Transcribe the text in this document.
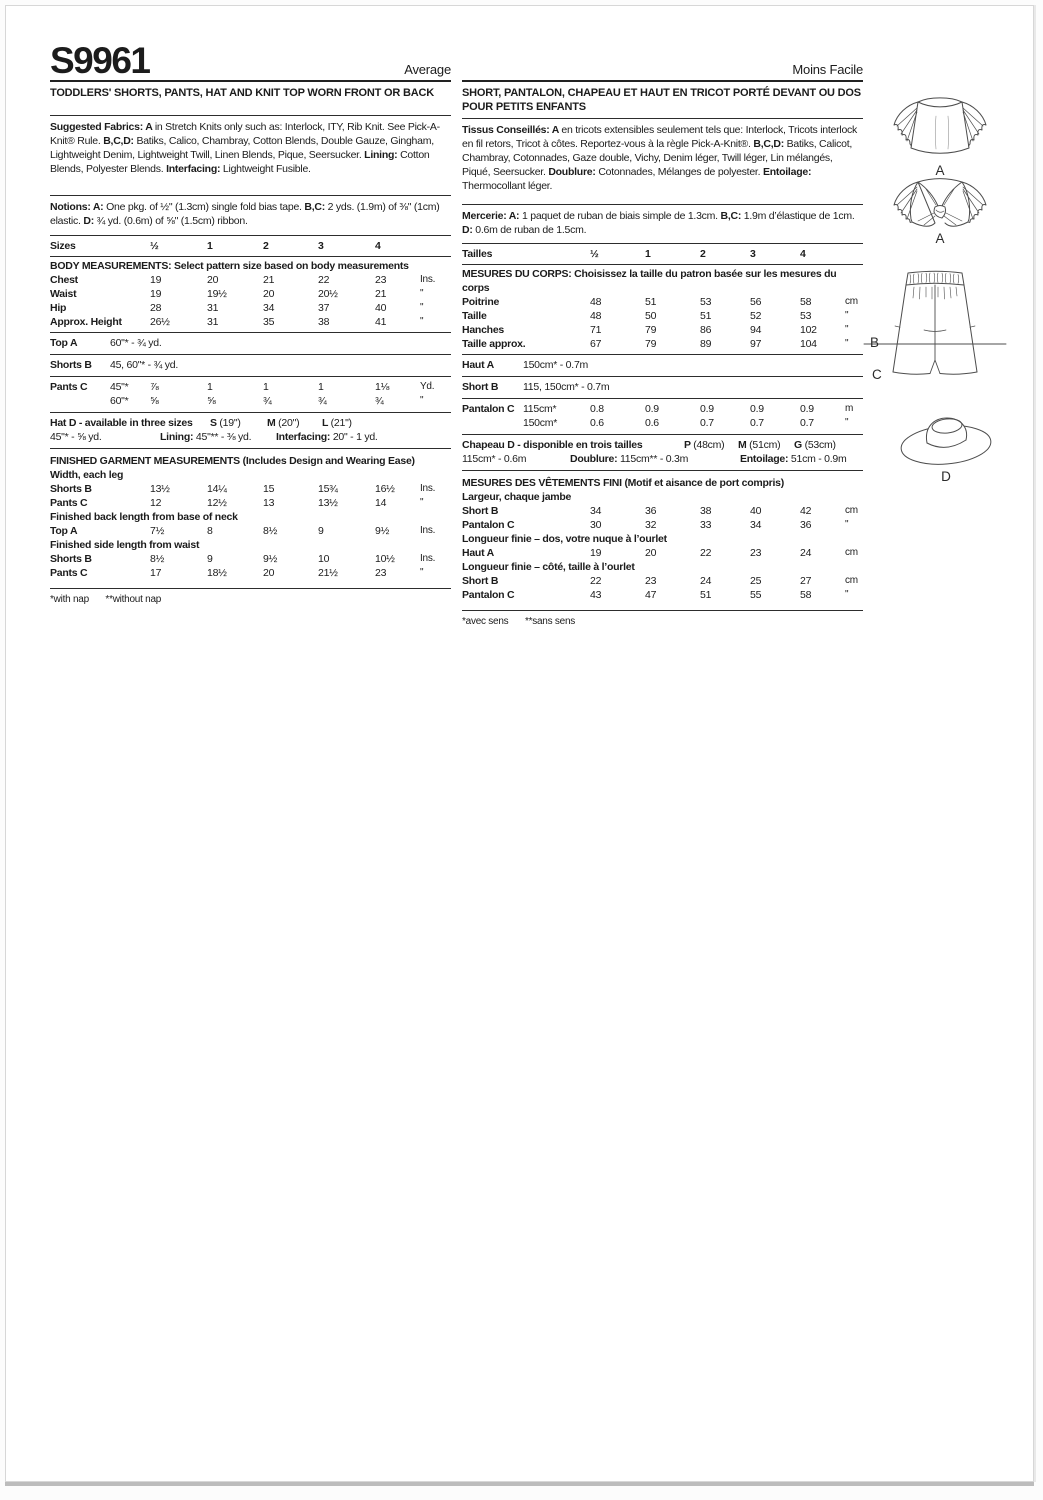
S9961	Average
TODDLERS' SHORTS, PANTS, HAT AND KNIT TOP WORN FRONT OR BACK
Suggested Fabrics: A in Stretch Knits only such as: Interlock, ITY, Rib Knit. See Pick-A-Knit® Rule. B,C,D: Batiks, Calico, Chambray, Cotton Blends, Double Gauze, Gingham, Lightweight Denim, Lightweight Twill, Linen Blends, Pique, Seersucker. Lining: Cotton Blends, Polyester Blends. Interfacing: Lightweight Fusible.
Notions: A: One pkg. of ½" (1.3cm) single fold bias tape. B,C: 2 yds. (1.9m) of ⅜" (1cm) elastic. D: ¾ yd. (0.6m) of ⅝" (1.5cm) ribbon.
Sizes	½	1	2	3	4
BODY MEASUREMENTS: Select pattern size based on body measurements
Chest	19	20	21	22	23	Ins.
Waist	19	19½	20	20½	21	"
Hip	28	31	34	37	40	"
Approx. Height	26½	31	35	38	41	"
Top A	60"* - ¾ yd.
Shorts B	45, 60"* - ¾ yd.
Pants C	45"*	⅞	1	1	1	1⅛	Yd.
60"*	⅝	⅝	¾	¾	¾	"
Hat D - available in three sizes	S (19")	M (20")	L (21")
45"* - ⅝ yd.	Lining: 45"** - ⅜ yd.	Interfacing: 20" - 1 yd.
FINISHED GARMENT MEASUREMENTS (Includes Design and Wearing Ease)
Width, each leg
Shorts B	13½	14¼	15	15¾	16½	Ins.
Pants C	12	12½	13	13½	14	"
Finished back length from base of neck
Top A	7½	8	8½	9	9½	Ins.
Finished side length from waist
Shorts B	8½	9	9½	10	10½	Ins.
Pants C	17	18½	20	21½	23	"
*with nap **without nap
Moins Facile
SHORT, PANTALON, CHAPEAU ET HAUT EN TRICOT PORTÉ DEVANT OU DOS POUR PETITS ENFANTS
Tissus Conseillés: A en tricots extensibles seulement tels que: Interlock, Tricots interlock en fil retors, Tricot à côtes. Reportez-vous à la règle Pick-A-Knit®. B,C,D: Batiks, Calicot, Chambray, Cotonnades, Gaze double, Vichy, Denim léger, Twill léger, Lin mélangés, Piqué, Seersucker. Doublure: Cotonnades, Mélanges de polyester. Entoilage: Thermocollant léger.
Mercerie: A: 1 paquet de ruban de biais simple de 1.3cm. B,C: 1.9m d’élastique de 1cm. D: 0.6m de ruban de 1.5cm.
Tailles	½	1	2	3	4
MESURES DU CORPS: Choisissez la taille du patron basée sur les mesures du corps
Poitrine	48	51	53	56	58	cm
Taille	48	50	51	52	53	"
Hanches	71	79	86	94	102	"
Taille approx.	67	79	89	97	104	"
Haut A	150cm* - 0.7m
Short B	115, 150cm* - 0.7m
Pantalon C 115cm*	0.8	0.9	0.9	0.9	0.9	m
150cm*	0.6	0.6	0.7	0.7	0.7	"
Chapeau D - disponible en trois tailles	P (48cm)	M (51cm)	G (53cm)
115cm* - 0.6m	Doublure: 115cm** - 0.3m	Entoilage: 51cm - 0.9m
MESURES DES VÊTEMENTS FINI (Motif et aisance de port compris)
Largeur, chaque jambe
Short B	34	36	38	40	42	cm
Pantalon C	30	32	33	34	36	"
Longueur finie – dos, votre nuque à l’ourlet
Haut A	19	20	22	23	24	cm
Longueur finie – côté, taille à l’ourlet
Short B	22	23	24	25	27	cm
Pantalon C	43	47	51	55	58	"
*avec sens **sans sens
A
A
B
C
D
